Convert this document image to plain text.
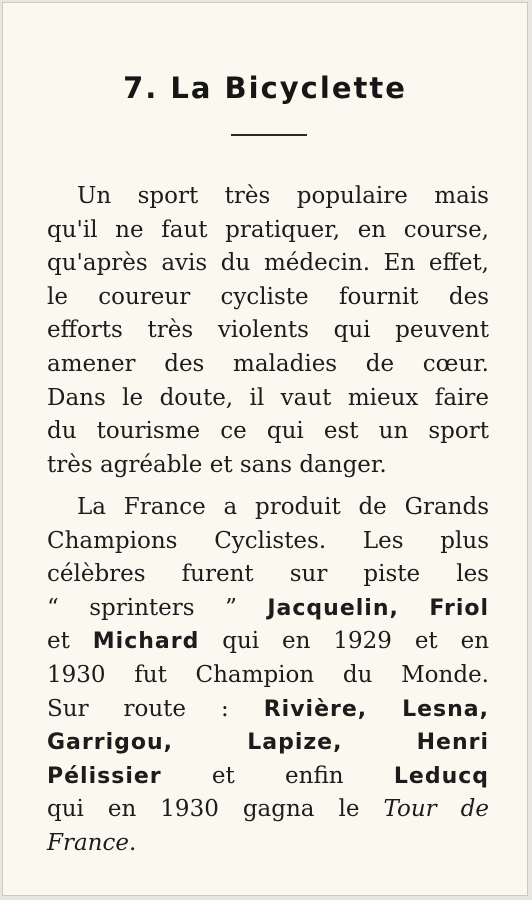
7. La Bicyclette
Un sport très populaire mais
qu'il ne faut pratiquer, en course,
qu'après avis du médecin. En effet,
le coureur cycliste fournit des
efforts très violents qui peuvent
amener des maladies de cœur.
Dans le doute, il vaut mieux faire
du tourisme ce qui est un sport
très agréable et sans danger.
La France a produit de Grands
Champions Cyclistes. Les plus
célèbres furent sur piste les
“ sprinters ” Jacquelin, Friol
et Michard qui en 1929 et en
1930 fut Champion du Monde.
Sur route : Rivière, Lesna,
Garrigou,	Lapize,	Henri
Pélissier et enfin Leducq
qui en 1930 gagna le Tour de
France.
